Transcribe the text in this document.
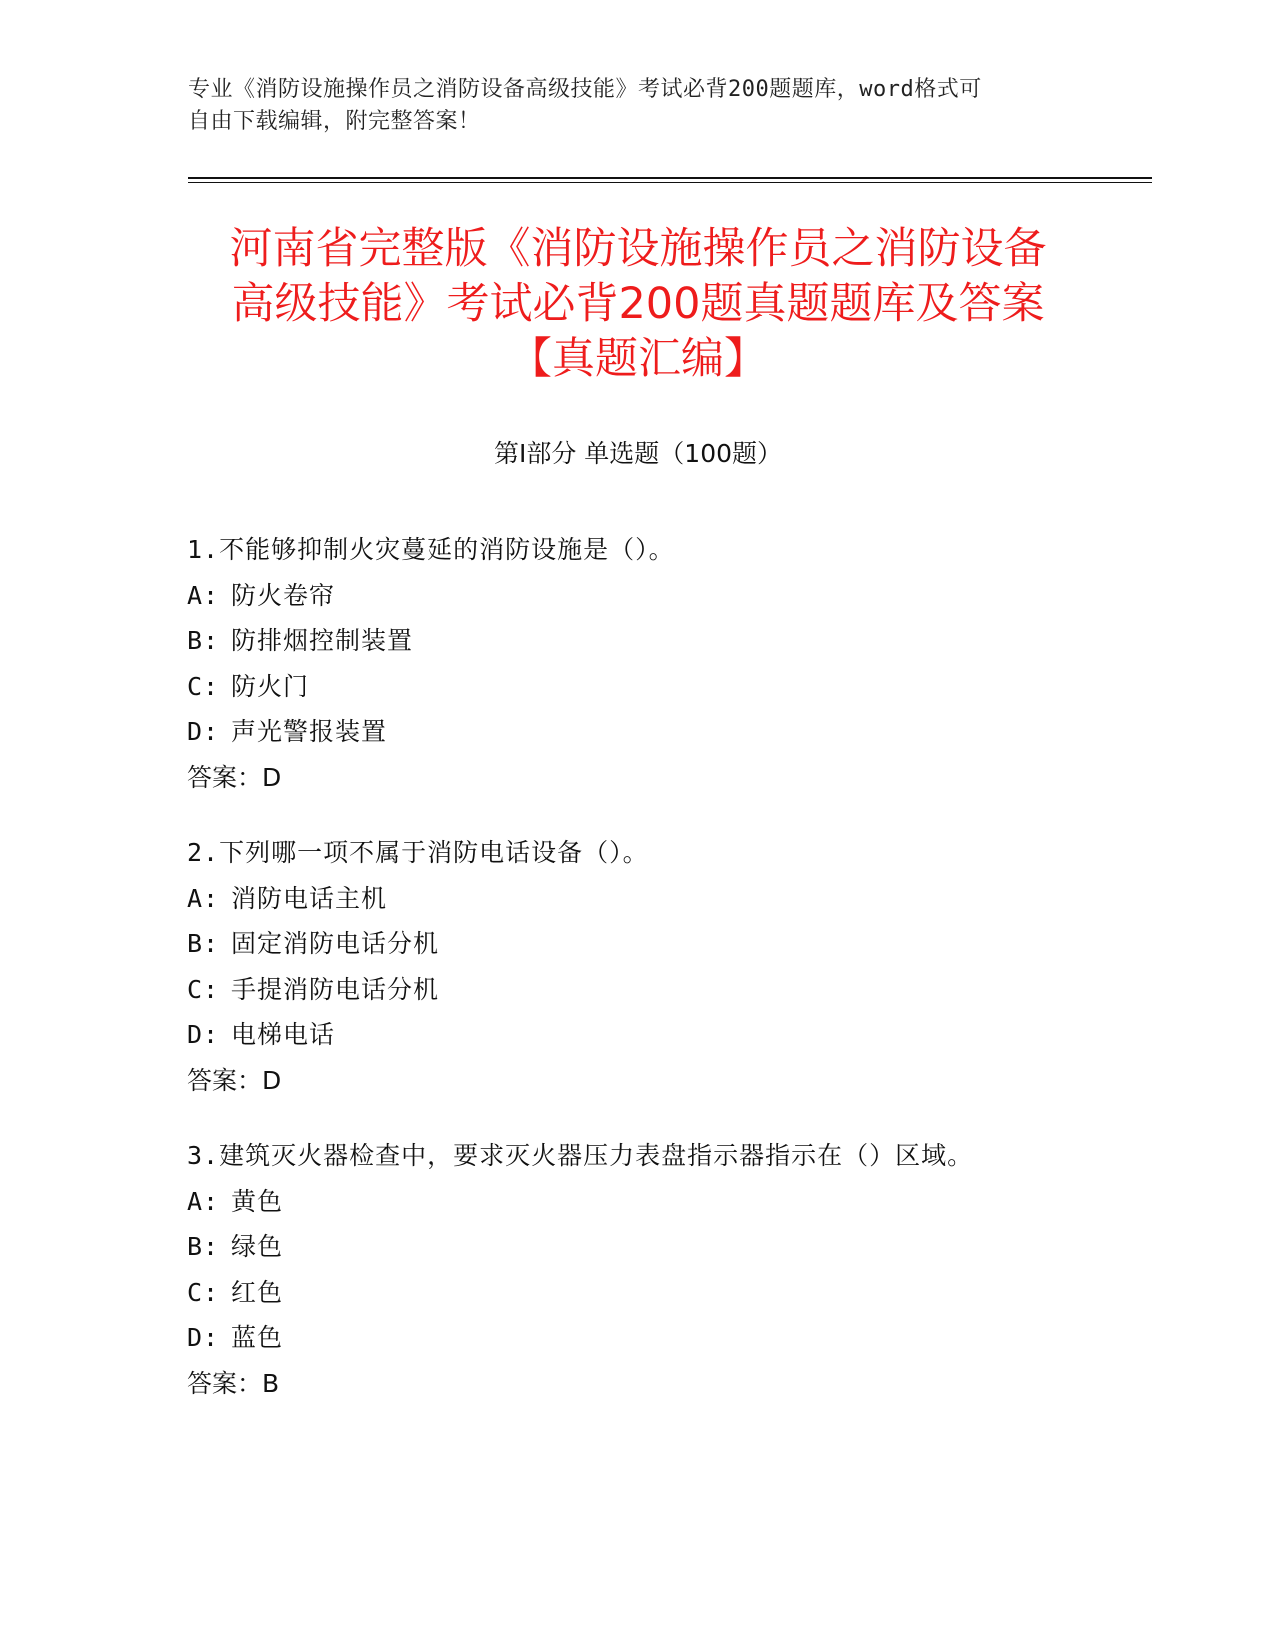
专业《消防设施操作员之消防设备高级技能》考试必背200题题库，word格式可
自由下载编辑，附完整答案！
河南省完整版《消防设施操作员之消防设备
高级技能》考试必背200题真题题库及答案
【真题汇编】
第I部分 单选题（100题）
1.不能够抑制火灾蔓延的消防设施是（）。
A: 防火卷帘
B: 防排烟控制装置
C: 防火门
D: 声光警报装置
答案：D
2.下列哪一项不属于消防电话设备（）。
A: 消防电话主机
B: 固定消防电话分机
C: 手提消防电话分机
D: 电梯电话
答案：D
3.建筑灭火器检查中，要求灭火器压力表盘指示器指示在（）区域。
A: 黄色
B: 绿色
C: 红色
D: 蓝色
答案：B
